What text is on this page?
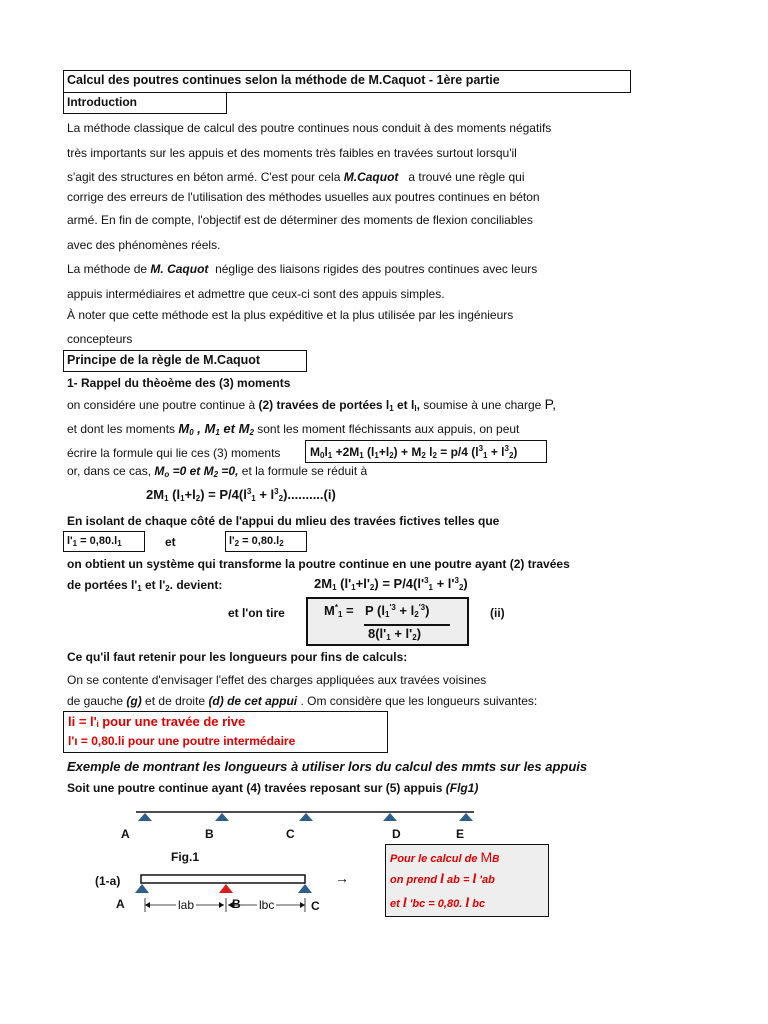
Calcul des poutres continues selon la méthode de M.Caquot - 1ère partie
Introduction
La méthode classique de calcul des poutre continues nous conduit à des moments négatifs
très importants sur les appuis et des moments très faibles en travées surtout lorsqu'il
s'agit des structures en béton armé. C'est pour cela M.Caquot a trouvé une règle qui
corrige des erreurs de l'utilisation des méthodes usuelles aux poutres continues en béton
armé. En fin de compte, l'objectif est de déterminer des moments de flexion conciliables
avec des phénomènes réels.
La méthode de M. Caquot néglige des liaisons rigides des poutres continues avec leurs
appuis intermédiaires et admettre que ceux-ci sont des appuis simples.
À noter que cette méthode est la plus expéditive et la plus utilisée par les ingénieurs
concepteurs
Principe de la règle de M.Caquot
1- Rappel du thèoème des (3) moments
on considére une poutre continue à (2) travées de portées $l_1$ et $l_l$, soumise à une charge P,
et dont les moments $M_0$ , $M_1$ et $M_2$ sont les moment fléchissants aux appuis, on peut
écrire la formule qui lie ces (3) moments	$M_0l_1 +2M_1$ $(l_1+l_2) + M_2$ $l_2 = p/4$ $(l^3_1 + l^3_2)$
or, dans ce cas, $M_o =0$ et $M_2 =0$, et la formule se réduit à
$2M_1$ $(l_1+l_2) = P/4(l^3_1 + l^3_2)..........(i)$
En isolant de chaque côté de l'appui du mlieu des travées fictives telles que
$l'_1 = 0,80.l_1$	et	$l'_2 = 0,80.l_2$
on obtient un système qui transforme la poutre continue en une poutre ayant (2) travées
de portées $l'_1$ et $l'_2$. devient:	$2M_1$ $(l'_1+l'_2) = P/4(l'^3_1 + l'^3_2)$
et l'on tire	$M^*_1 = P$ $(l_1^{'3} + l_2^{'3})$
$8(l'_1 + l'_2)$
(ii)
Ce qu'il faut retenir pour les longueurs pour fins de calculs:
On se contente d'envisager l'effet des charges appliquées aux travées voisines
de gauche (g) et de droite (d) de cet appui . Om considère que les longueurs suivantes:
li = l'ᵢ pour une travée de rive
l'ı = 0,80.li pour une poutre intermédaire
Exemple de montrant les longueurs à utiliser lors du calcul des mmts sur les appuis
Soit une poutre continue ayant (4) travées reposant sur (5) appuis (Flg1)
A	B	C	D	E
Fig.1
(1-a)	→
A	lab	B lbc	C
Pour le calcul de MB
on prend l ab = l 'ab
et l 'bc = 0,80. l bc
